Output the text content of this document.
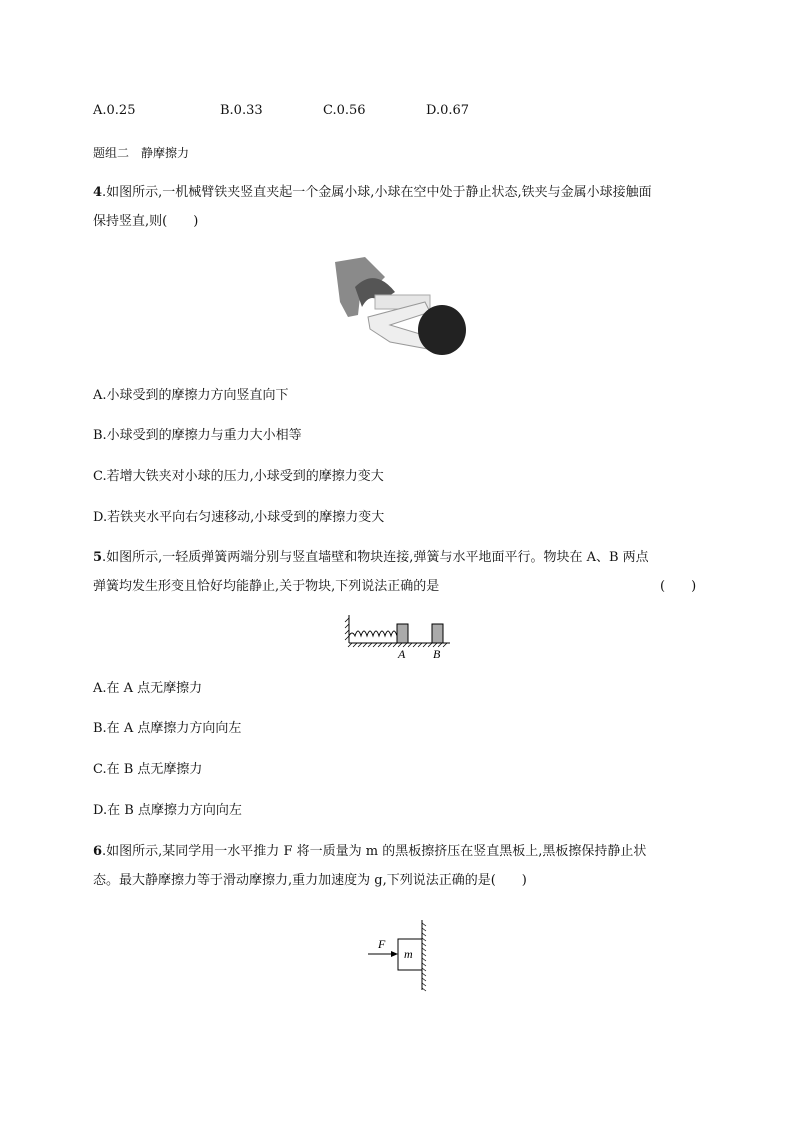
A.0.25	B.0.33	C.0.56	D.0.67
题组二　静摩擦力
4.如图所示,一机械臂铁夹竖直夹起一个金属小球,小球在空中处于静止状态,铁夹与金属小球接触面
保持竖直,则(　　)
A.小球受到的摩擦力方向竖直向下
B.小球受到的摩擦力与重力大小相等
C.若增大铁夹对小球的压力,小球受到的摩擦力变大
D.若铁夹水平向右匀速移动,小球受到的摩擦力变大
5.如图所示,一轻质弹簧两端分别与竖直墙壁和物块连接,弹簧与水平地面平行。物块在 A、B 两点
弹簧均发生形变且恰好均能静止,关于物块,下列说法正确的是	(　　)
A B
A.在 A 点无摩擦力
B.在 A 点摩擦力方向向左
C.在 B 点无摩擦力
D.在 B 点摩擦力方向向左
6.如图所示,某同学用一水平推力 F 将一质量为 m 的黑板擦挤压在竖直黑板上,黑板擦保持静止状
态。最大静摩擦力等于滑动摩擦力,重力加速度为 g,下列说法正确的是(　　)
F
m
